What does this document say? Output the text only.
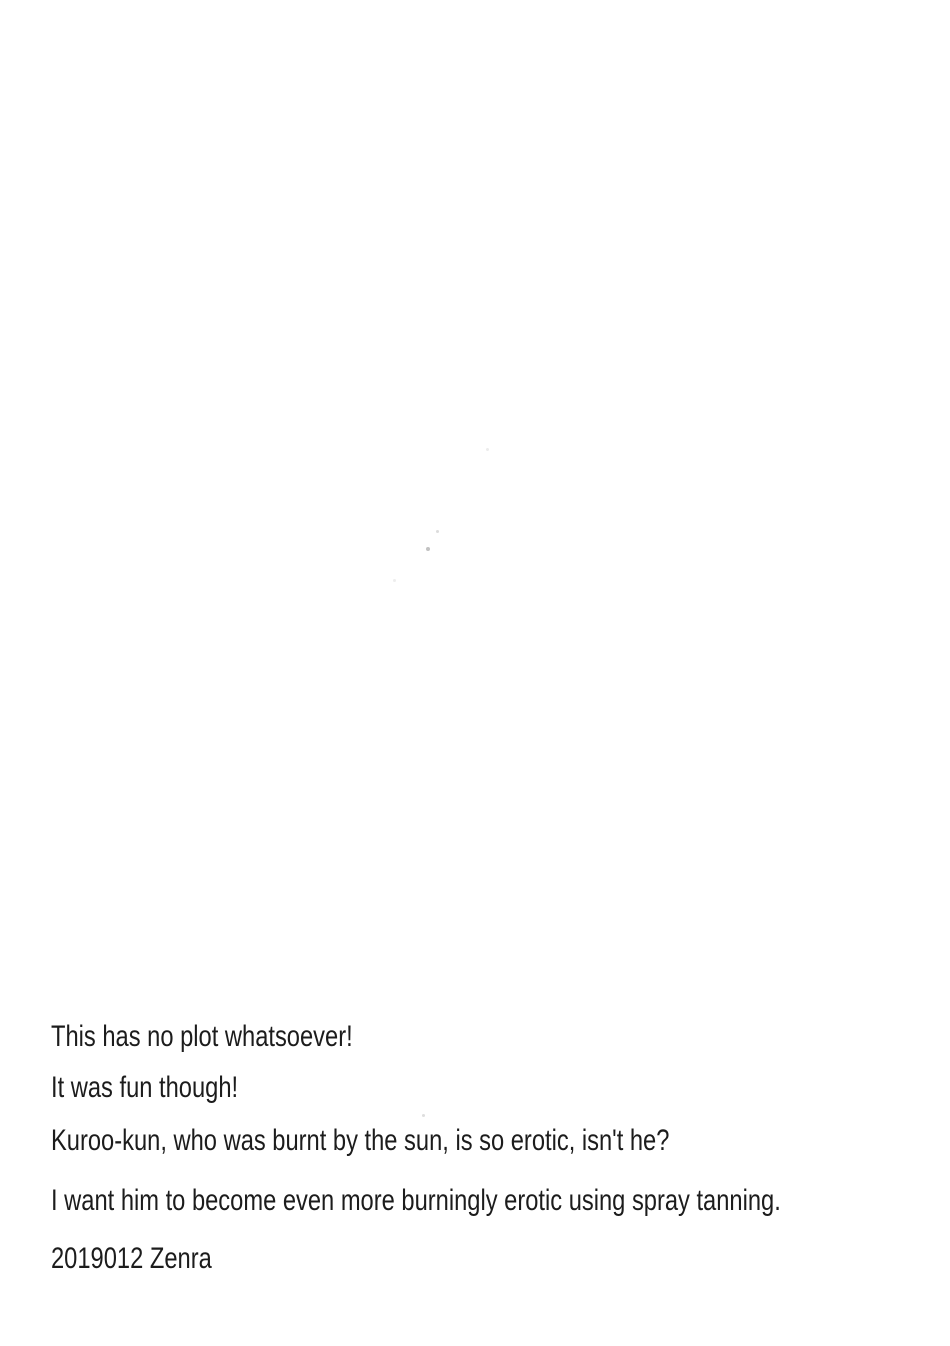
This has no plot whatsoever!

It was fun though!

Kuroo-kun, who was burnt by the sun, is so erotic, isn't he?

I want him to become even more burningly erotic using spray tanning.

2019012 Zenra
